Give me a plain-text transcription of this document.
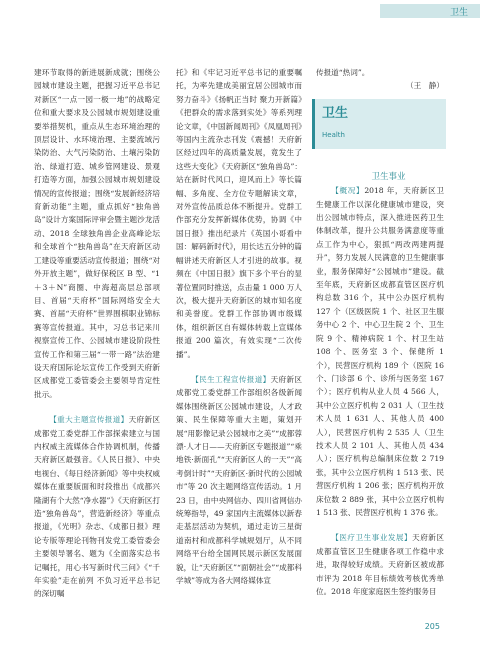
卫生

建环节取得的新进展新成就；围绕公园城市建设主题，把握习近平总书记对新区“一点一园一极一地”的战略定位和重大要求及公园城市规划建设重要举措契机，重点从生态环境治理的顶层设计、水环境治理、主要流域污染防治、大气污染防治、土壤污染防治、绿道打造、城乡管网建设、景观打造等方面，加强公园城市规划建设情况的宣传报道；围绕“发展新经济培育新动能”主题，重点抓好“独角兽岛”设计方案国际评审会暨主题沙龙活动、2018 全球独角兽企业高峰论坛和全球首个“独角兽岛”在天府新区动工建设等重要活动宣传报道；围绕“对外开放主题”，做好保税区 B 型、“1＋3＋N”商圈、中海超高层总部项目、首届“天府杯”国际网络安全大赛、首届“天府杯”世界围棋职业锦标赛等宣传报道。其中，习总书记来川视察宣传工作、公园城市建设阶段性宣传工作和第三届“一带一路”法治建设天府国际论坛宣传工作受到天府新区成都党工委管委会主要领导肯定性批示。

【重大主题宣传报道】天府新区成都党工委党群工作部探索建立与国内权威主流媒体合作协调机制，传播天府新区最强音。《人民日报》、中央电视台、《每日经济新闻》等中央权威媒体在重要版面和时段推出《成都兴隆湖有个大然“净水器”》《天府新区打造“独角兽岛”，营造新经济》等重点报道，《光明》杂志、《成都日报》理论专版等理论刊物刊发党工委管委会主要领导署名、题为《全面落实总书记嘱托，用心书写新时代三问》《“千年实验”走在前列 不负习近平总书记的深切嘱

托》和《牢记习近平总书记的重要嘱托，为率先建成美丽宜居公园城市而努力奋斗》《扬帆正当时 聚力开新篇》《把群众的需求落到实处》等系列理论文章，《中国新闻周刊》《凤凰周刊》等国内主流杂志刊发《震撼！天府新区经过四年的高质量发展，竟发生了这些大变化》《天府新区“独角兽岛”：站在新时代风口，迎风而上》等长篇幅、多角度、全方位专题解读文章，对外宣传品质总体不断提升。党群工作部充分发挥新媒体优势，协调《中国日报》推出纪录片《英国小哥看中国：解码新时代》，用长达五分钟的篇幅讲述天府新区人才引进的故事。视频在《中国日报》旗下多个平台的显著位置同时推送，点击量 1 000 万人次，极大提升天府新区的城市知名度和美誉度。党群工作部协调市级媒体，组织新区自有媒体转载上宣媒体报道 200 篇次，有效实现“二次传播”。

【民生工程宣传报道】天府新区成都党工委党群工作部组织各级新闻媒体围绕新区公园城市建设，人才政策、民生保障等重大主题，策划开展“用影像记录公园城市之美”“成都蓉漂·人才日——天府新区专题报道”“乘地铁·新面孔”“天府新区人的一天”“高考倒计时”“天府新区·新时代的公园城市”等 20 次主题网络宣传活动。1 月 23 日，由中央网信办、四川省网信办统筹指导，49 家国内主流媒体以新春走基层活动为契机，通过走访三星街道南村和成都科学城规划厅，从不同网络平台给全国网民展示新区发展面貌，让“天府新区”“面朝社会”“成都科学城”等成为各大网络媒体宣

传报道“热词”。

（王　静）

卫生
Health

卫生事业

【概况】2018 年，天府新区卫生健康工作以深化健康城市建设，突出公园城市特点，深入推进医药卫生体制改革，提升公共服务满意度等重点工作为中心，狠抓“两改两建两提升”，努力发展人民满意的卫生健康事业，服务保障好“公园城市”建设。截至年底，天府新区成都直管区医疗机构总数 316 个，其中公办医疗机构 127 个（区级医院 1 个、社区卫生服务中心 2 个、中心卫生院 2 个、卫生院 9 个、精神病院 1 个、村卫生站 108 个、医务室 3 个、保健所 1 个），民营医疗机构 189 个（医院 16 个、门诊部 6 个、诊所与医务室 167 个）；医疗机构从业人员 4 566 人，其中公立医疗机构 2 031 人（卫生技术人员 1 631 人、其他人员 400 人），民营医疗机构 2 535 人（卫生技术人员 2 101 人、其他人员 434 人）；医疗机构总编制床位数 2 719 张，其中公立医疗机构 1 513 张、民营医疗机构 1 206 张；医疗机构开放床位数 2 889 张，其中公立医疗机构 1 513 张、民营医疗机构 1 376 张。

【医疗卫生事业发展】天府新区成都直管区卫生健康各项工作稳中求进，取得较好成绩。天府新区被成都市评为 2018 年目标绩效考核优秀单位。2018 年度家庭医生签约服务目

205
